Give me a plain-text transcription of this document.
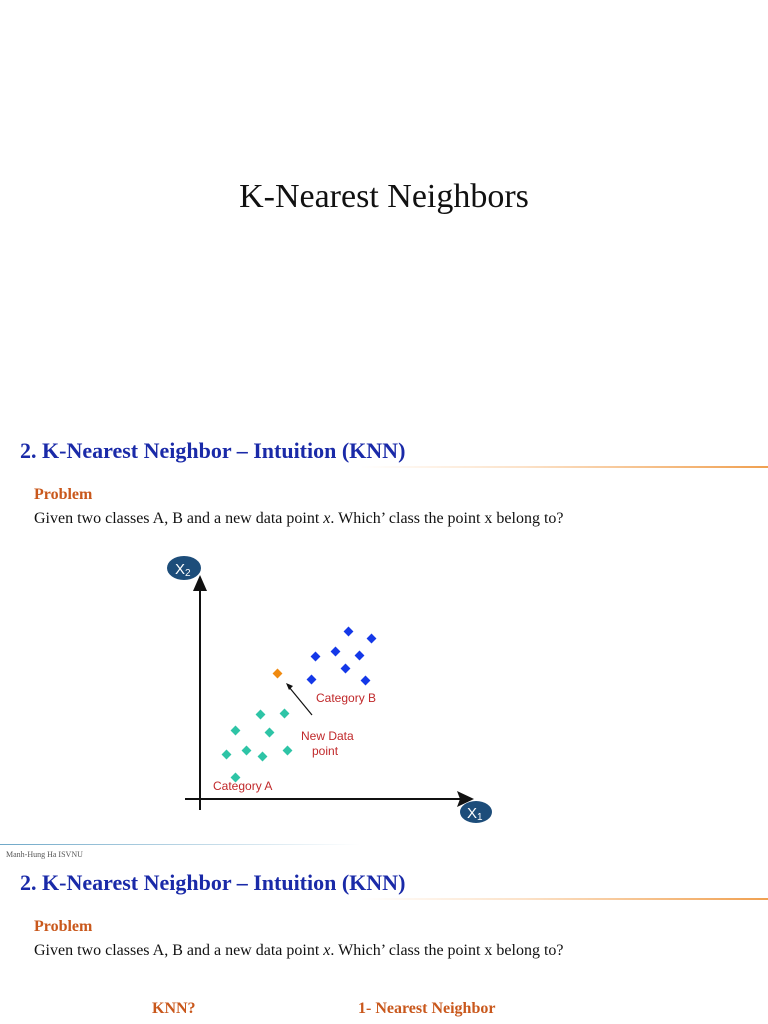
K-Nearest Neighbors
2. K-Nearest Neighbor – Intuition (KNN)
Problem
Given two classes A, B and a new data point x. Which’ class the point x belong to?
X2
X1
Category B
New Data
point
Category A
Manh-Hung Ha ISVNU
2. K-Nearest Neighbor – Intuition (KNN)
Problem
Given two classes A, B and a new data point x. Which’ class the point x belong to?
KNN?	1- Nearest Neighbor
